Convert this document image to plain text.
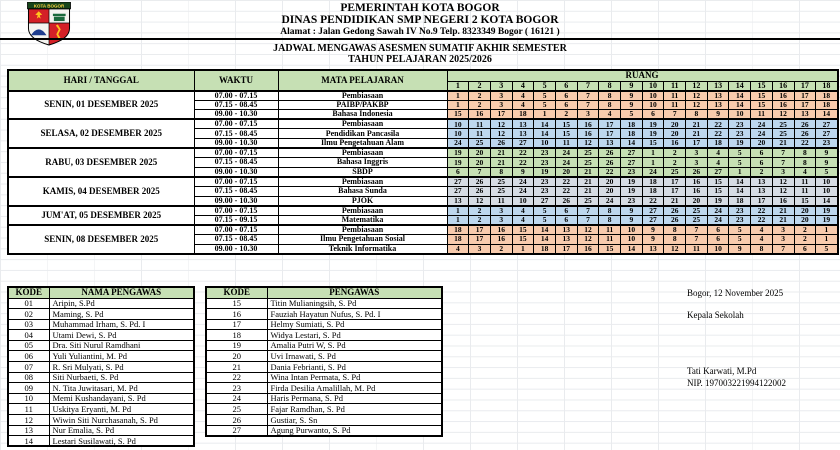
KOTA BOGOR	PEMERINTAH KOTA BOGOR
DINAS PENDIDIKAN SMP NEGERI 2 KOTA BOGOR
Alamat : Jalan Gedong Sawah IV No.9 Telp. 8323349 Bogor ( 16121 )
JADWAL MENGAWAS ASESMEN SUMATIF AKHIR SEMESTER
TAHUN PELAJARAN 2025/2026
HARI / TANGGAL	WAKTU	MATA PELAJARAN	RUANG																	
			1	2	3	4	5	6	7	8	9	10	11	12	13	14	15	16	17	18
SENIN, 01 DESEMBER 2025	07.00 - 07.15	Pembiasaan	1	2	3	4	5	6	7	8	9	10	11	12	13	14	15	16	17	18
	07.15 - 08.45	PAIBP/PAKBP	1	2	3	4	5	6	7	8	9	10	11	12	13	14	15	16	17	18
	09.00 - 10.30	Bahasa Indonesia	15	16	17	18	1	2	3	4	5	6	7	8	9	10	11	12	13	14
SELASA, 02 DESEMBER 2025	07.00 - 07.15	Pembiasaan	10	11	12	13	14	15	16	17	18	19	20	21	22	23	24	25	26	27
	07.15 - 08.45	Pendidikan Pancasila	10	11	12	13	14	15	16	17	18	19	20	21	22	23	24	25	26	27
	09.00 - 10.30	Ilmu Pengetahuan Alam	24	25	26	27	10	11	12	13	14	15	16	17	18	19	20	21	22	23
RABU, 03 DESEMBER 2025	07.00 - 07.15	Pembiasaan	19	20	21	22	23	24	25	26	27	1	2	3	4	5	6	7	8	9
	07.15 - 08.45	Bahasa Inggris	19	20	21	22	23	24	25	26	27	1	2	3	4	5	6	7	8	9
	09.00 - 10.30	SBDP	6	7	8	9	19	20	21	22	23	24	25	26	27	1	2	3	4	5
KAMIS, 04 DESEMBER 2025	07.00 - 07.15	Pembiasaan	27	26	25	24	23	22	21	20	19	18	17	16	15	14	13	12	11	10
	07.15 - 08.45	Bahasa Sunda	27	26	25	24	23	22	21	20	19	18	17	16	15	14	13	12	11	10
	09.00 - 10.30	PJOK	13	12	11	10	27	26	25	24	23	22	21	20	19	18	17	16	15	14
JUM'AT, 05 DESEMBER 2025	07.00 - 07.15	Pembiasaan	1	2	3	4	5	6	7	8	9	27	26	25	24	23	22	21	20	19
	07.15 - 09.15	Matematika	1	2	3	4	5	6	7	8	9	27	26	25	24	23	22	21	20	19
SENIN, 08 DESEMBER 2025	07.00 - 07.15	Pembiasaan	18	17	16	15	14	13	12	11	10	9	8	7	6	5	4	3	2	1
	07.15 - 08.45	Ilmu Pengetahuan Sosial	18	17	16	15	14	13	12	11	10	9	8	7	6	5	4	3	2	1
	09.00 - 10.30	Teknik Informatika	4	3	2	1	18	17	16	15	14	13	12	11	10	9	8	7	6	5
KODE	NAMA PENGAWAS
01	Aripin, S.Pd
02	Maming, S. Pd
03	Muhammad Irham, S. Pd. I
04	Utami Dewi, S. Pd
05	Dra. Siti Nurul Ramdhani
06	Yuli Yuliantini, M. Pd
07	R. Sri Mulyati, S. Pd
08	Siti Nurbaeti, S. Pd
09	N. Tita Juwitasari, M. Pd
10	Memi Kushandayani, S. Pd
11	Uskitya Eryanti, M. Pd
12	Wiwin Siti Nurchasanah, S. Pd
13	Nur Emalia, S. Pd
14	Lestari Susilawati, S. Pd
KODE	PENGAWAS
15	Titin Mulianingsih, S. Pd
16	Fauziah Hayatun Nufus, S. Pd. I
17	Helmy Sumiati, S. Pd
18	Widya Lestari, S. Pd
19	Amalia Putri W, S. Pd
20	Uvi Irnawati, S. Pd
21	Dania Febrianti, S. Pd
22	Wina Intan Permata, S. Pd
23	Firda Desilia Amalillah, M. Pd
24	Haris Permana, S. Pd
25	Fajar Ramdhan, S. Pd
26	Gustiar, S. Sn
27	Agung Purwanto, S. Pd
Bogor, 12 November 2025
Kepala Sekolah
Tati Karwati, M.Pd
NIP. 197003221994122002
